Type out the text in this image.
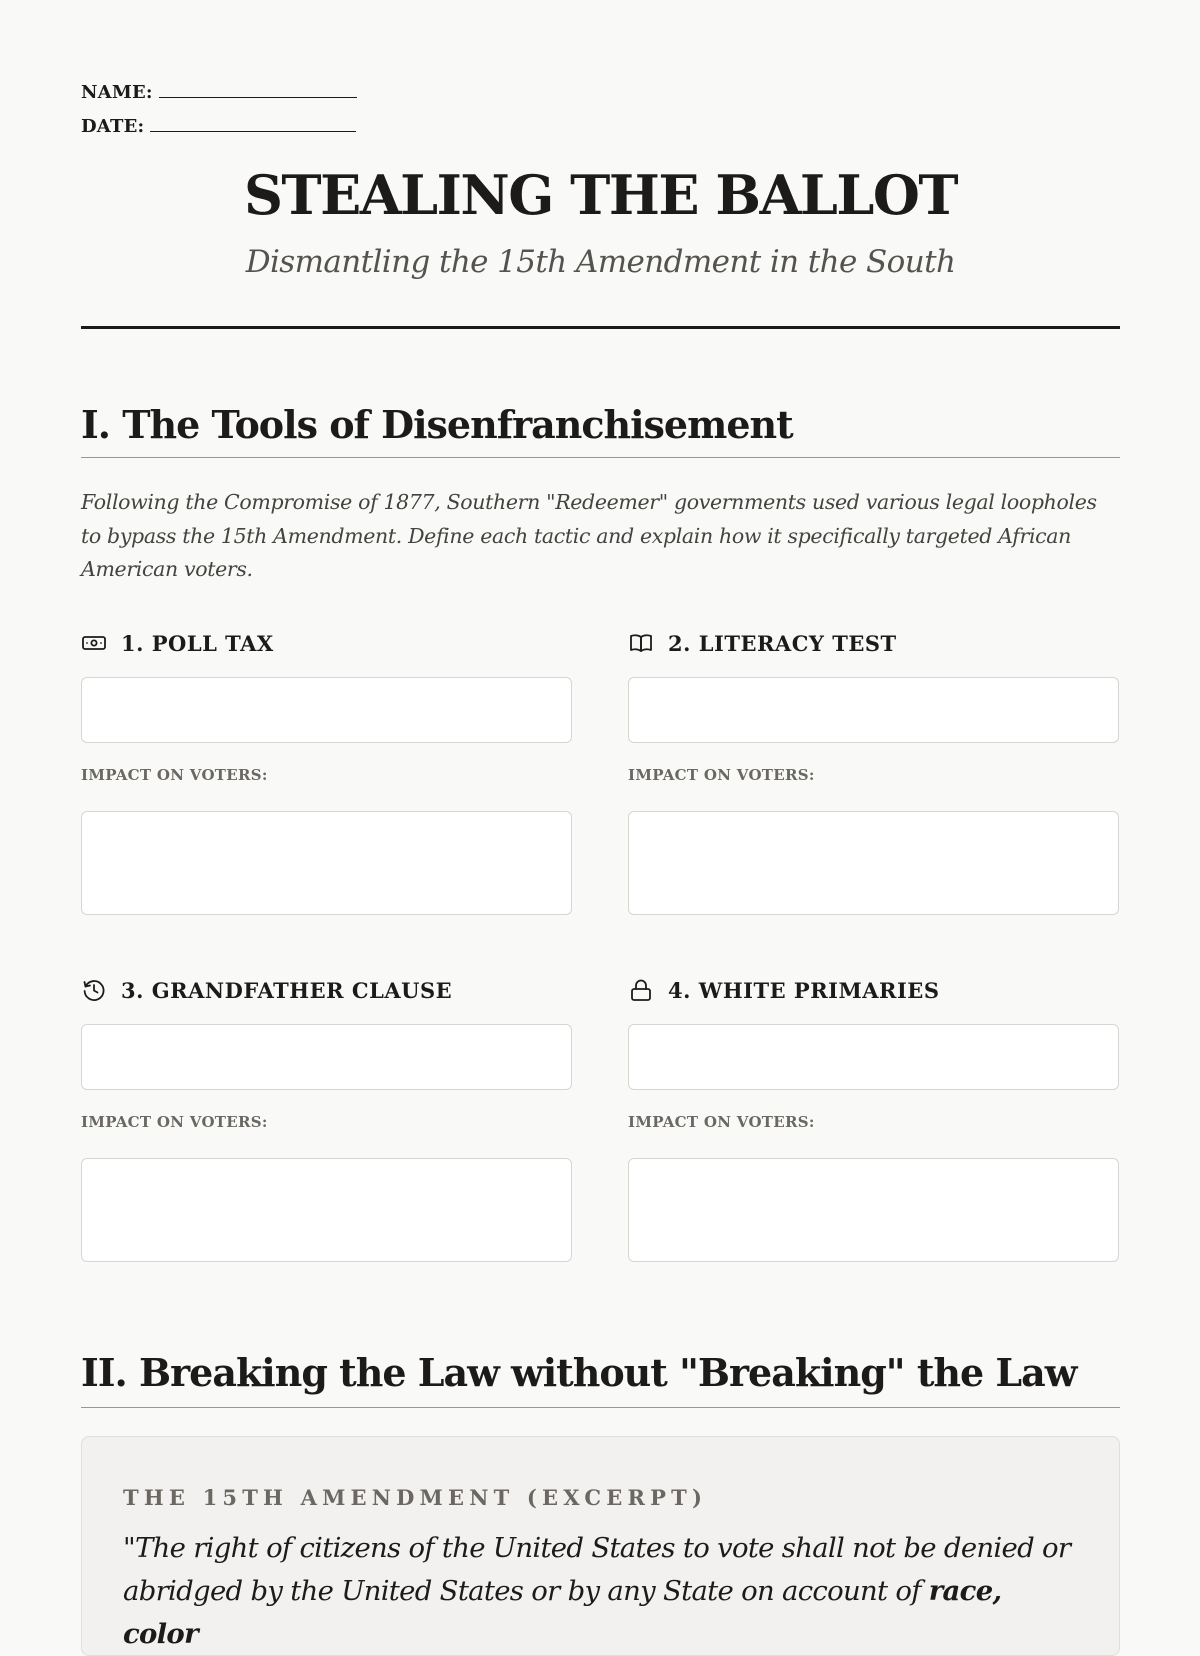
NAME:
DATE:
STEALING THE BALLOT
Dismantling the 15th Amendment in the South
I. The Tools of Disenfranchisement
Following the Compromise of 1877, Southern "Redeemer" governments used various legal loopholes to bypass the 15th Amendment. Define each tactic and explain how it specifically targeted African American voters.
1. POLL TAX
IMPACT ON VOTERS:
2. LITERACY TEST
IMPACT ON VOTERS:
3. GRANDFATHER CLAUSE
IMPACT ON VOTERS:
4. WHITE PRIMARIES
IMPACT ON VOTERS:
II. Breaking the Law without "Breaking" the Law
THE 15TH AMENDMENT (EXCERPT)
"The right of citizens of the United States to vote shall not be denied or abridged by the United States or by any State on account of race, color
